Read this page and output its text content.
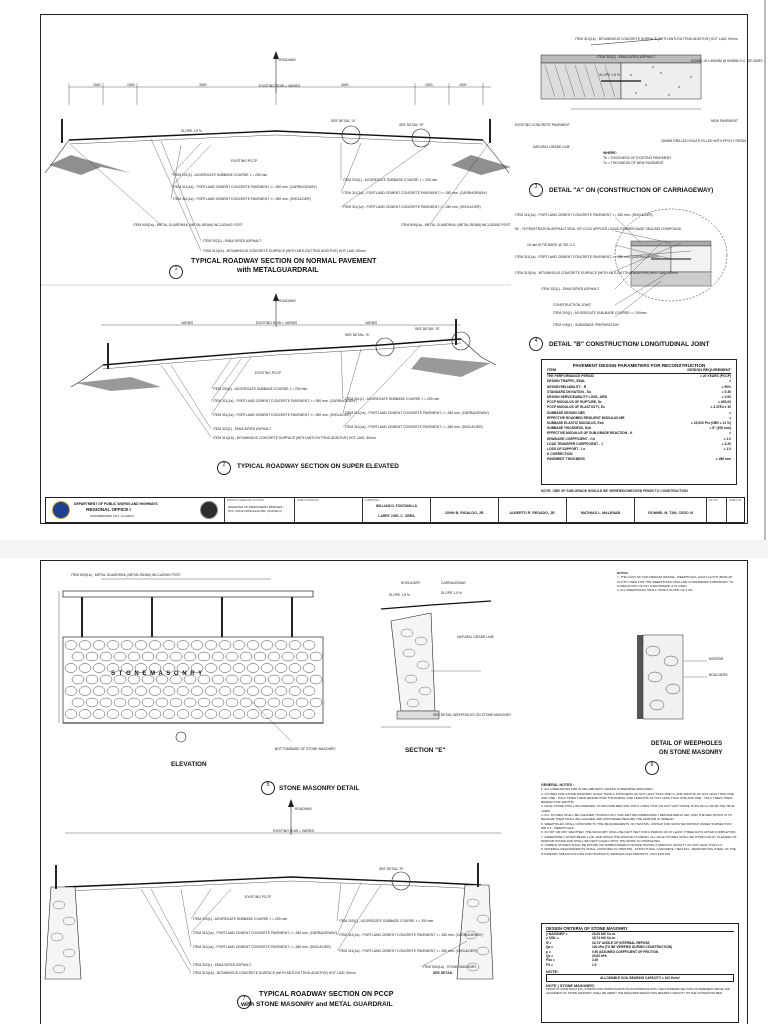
ROADWAY
EXISTING ROW = VARIES
1500	1500	3050	3050	1500	1500
SEE DETAIL "A"
SEE DETAIL "B"
SLOPE 1.5 %
EXISTING PCCP
ITEM 201(1) - AGGREGATE SUBBASE COURSE, t = 200 mm.
ITEM 311(1a) - PORTLAND CEMENT CONCRETE PAVEMENT, t = 280 mm. (CARRIAGEWAY)
ITEM 311(1a) - PORTLAND CEMENT CONCRETE PAVEMENT, t = 280 mm. (SHOULDER)
ITEM 605(1a) - METAL GUARDRAIL (METAL BEAM) INCLUDING POST
ITEM 302(1) - EMULSIFIED ASPHALT
ITEM 310(1b) - BITUMINOUS CONCRETE SURFACE (WITH ANTI-RUTTING ADDITIVE) HOT LAID, 50mm
ITEM 200(1) - AGGREGATE SUBBASE COURSE, t = 200 mm.
ITEM 311(1a) - PORTLAND CEMENT CONCRETE PAVEMENT, t = 280 mm. (CARRIAGEWAY)
ITEM 311(1a) - PORTLAND CEMENT CONCRETE PAVEMENT, t = 280 mm. (SHOULDER)
ITEM 605(1a) - METAL GUARDRAIL (METAL BEAM) INCLUDING POST
1
TYPICAL ROADWAY SECTION ON NORMAL PAVEMENT
with METALGUARDRAIL
ROADWAY
EXISTING ROW = VARIES
VARIES	VARIES
SEE DETAIL "A"
SEE DETAIL "B"
EXISTING PCCP
ITEM 200(1) - AGGREGATE SUBBASE COURSE, t = 200 mm.
ITEM 311(1a) - PORTLAND CEMENT CONCRETE PAVEMENT, t = 280 mm. (CARRIAGEWAY)
ITEM 311(1a) - PORTLAND CEMENT CONCRETE PAVEMENT, t = 280 mm. (SHOULDER)
ITEM 302(1) - EMULSIFIED ASPHALT
ITEM 310(1b) - BITUMINOUS CONCRETE SURFACE (WITH ANTI-RUTTING ADDITIVE) HOT LAID, 50mm
ITEM 201(1) - AGGREGATE SUBBASE COURSE, t = 200 mm.
ITEM 311(1a) - PORTLAND CEMENT CONCRETE PAVEMENT, t = 280 mm. (CARRIAGEWAY)
ITEM 311(1a) - PORTLAND CEMENT CONCRETE PAVEMENT, t = 280 mm. (SHOULDER)
2	TYPICAL ROADWAY SECTION ON SUPER ELEVATED
ITEM 310(1b) - BITUMINOUS CONCRETE SURFACE (WITH ANTI-RUTTING ADDITIVE) HOT LAID, 50mm
ITEM 302(1) - EMULSIFIED ASPHALT
DOWEL Ø x 600MM @ 600MM O.C. TIE BARS
SLOPE 1.5 %
EXISTING CONCRETE PAVEMENT
NEW PAVEMENT
150MM DRILLED HOLES FILLED WITH EPOXY RESIN
NATURAL GRADE LINE
WHERE:
Te = THICKNESS OF EXISTING PAVEMENT
Tn = THICKNESS OF NEW PAVEMENT
3	DETAIL "A" ON (CONSTRUCTION OF CARRIAGEWAY)
ITEM 311(1a) - PORTLAND CEMENT CONCRETE PAVEMENT, t = 280 mm. (SHOULDER)
50 - 75 PENETRATION ASPHALT SEAL OR COLD APPLIED LIQUID RUBBER BASE SEALING COMPOUND
16 mm Ø TIE BARS @ 750 O.C.
ITEM 311(1a) - PORTLAND CEMENT CONCRETE PAVEMENT, t = 280 mm. (CARRIAGEWAY)
ITEM 310(1b) - BITUMINOUS CONCRETE SURFACE (WITH ANTI-RUTTING ADDITIVE) HOT LAID, 50mm
ITEM 302(1) - EMULSIFIED ASPHALT
CONSTRUCTION JOINT
ITEM 200(1) - AGGREGATE SUB-BASE COURSE t = 200mm
ITEM 105(1) - SUBGRADE PREPARATION
4	DETAIL "B" CONSTRUCTION/ LONGITUDINAL JOINT
PAVEMENT DESIGN PARAMETERS FOR RECONSTRUCTION
ITEM	DESIGN REQUIREMENT
THE PERFORMANCE PERIOD	= 20 YEARS (PCCP)
DESIGN TRAFFIC, ESAL	=
DESIGN RELIABILITY - R	= 90%
STANDARD DEVIATION - So	= 0.35
DESIGN SERVICEABILITY LOSS, ΔPSI	= 2.00
PCCP MODULUS OF RUPTURE, Sc	= 650.00
PCCP MODULUS OF ELASTICITY, Ec	= 3.37E4 x 10
SUBBASE DESIGN CBR	=
EFFECTIVE ROADBED RESILIENT MODULUS MR	=
SUBBASE ELASTIC MODULUS, Esb	= 15,000 Psi (CBR = 11 %)
SUBBASE THICKNESS, Dsb	= 8" (200 mm)
EFFECTIVE MODULUS OF SUB-GRADE REACTION - K	=
DRAINAGE COEFFICIENT - Cd	= 1.0
LOAD TRANSFER COEFFICIENT - J	= 3.20
LOSS OF SUPPORT - Ls	= 1.0
K CORRECTION
PAVEMENT THICKNESS	= 280 mm
NOTE: CBR OF SUB-GRADE SHOULD BE VERIFIED/CHECKED PRIOR TO CONSTRUCTION
DEPARTMENT OF PUBLIC WORKS AND HIGHWAYS
REGIONAL OFFICE I
SAN FERNANDO CITY, LA UNION
PROJECT NAME AND LOCATION
WIDENING OF PERMANENT BRIDGES - STA. CRUZ PANGALAN BR. (PHASE II)
SHEET CONTENTS	SUBMITTED
WILLIAM D. FONTANILLA
LARRY JOEL C. OBRA
JOHN B. RIGALDO, JR.	ALBERTO R. REGADO, JR.	MATHIAS L. MALENAB	RONNEL M. TAN, CESO III
SET NO.	SHEET NO.
ITEM 605(1a) - METAL GUARDRAIL (METAL BEAM) INCLUDING POST
S T O N E M A S O N R Y
BOTTOM/BASE OF STONE MASONRY
ELEVATION
STONE MASONRY DETAIL
5
SLOPE 1.5 %	SLOPE 1.5 %
SHOULDER	CARRIAGEWAY
NATURAL GRADE LINE
SEE DETAIL WEEPHOLES ON STONE MASONRY
SECTION "E"

NOTES:

1. THE COST OF FOR MEDIUM GRAVEL, WEEPHOLES, EACH CLOTH (BURLAP CLOTH USED FOR THE WEEPHOLES SHALL BE CONSIDERED SUBSIDIARY TO COMPLETION OF PAY ITEM WHERE IT IS USED.

2. ALL WEEPHOLES SHALL HAVE A SLOPE OF 4.0%.

MORTAR
BOULDERS
DETAIL OF WEEPHOLES
ON STONE MASONRY
6

GENERAL NOTES :

1. ALL DIMENSIONS ARE IN MILLIMETERS UNLESS OTHERWISE SPECIFIED.

2. STONES FOR STONE MASONRY SHALL HAVE A THICKNESS OF NOT LESS THAN 150mm, AND WIDTHS OF NOT LESS THAN ONE AND ONE - HALF TIMES THEIR RESPECTIVE THICKNESS, AND LENGTHS OF NOT LESS THAN ONE AND ONE - HALF TIMES THEIR RESPECTIVE WIDTHS.

3. FACE STONE SHALL BE DRESSED TO PROVIDE BED AND JOINT LINES THAT DO NOT VARY MORE THAN 20mm FROM THE TRUE LINES.

4. ALL STONES SHALL BE CLEANED THOROUGHLY AND WETTED IMMEDIATELY BEFORE BEING SET, AND THE BED WHICH IS TO RECEIVE THEM SHALL BE CLEANED AND MOISTENED BEFORE THE MORTAR IS SPREAD.

5. WEEPHOLES SHALL CONFORM TO THE REQUIREMENTS OF ITEM 505 - RIPRAP AND GROUTED RIPRAP UNDER SUBSECTION 505.3.4 - WEEPHOLES.

6. IN HOT OR DRY WEATHER, THE MASONRY SHALL BE KEPT WET FOR A PERIOD OF AT LEAST THREE DAYS AFTER COMPLETION.

7. IMMEDIATELY AFTER BEING LAID, AND WHILE THE MORTAR IS FRESH, ALL FACE STONES SHALL BE THOROUGHLY CLEANED OF MORTAR STAINS AND SHALL BE KEPT CLEAN UNTIL THE WORK IS COMPLETED.

8. COBBLE STONES SHALL BE ROUND OR SUBROUNDED IN SHAPE HAVING A SPECIFIC GRAVITY OF NOT LESS THAN 2.5.

9. MATERIAL REQUIREMENTS SHALL CONFORM TO ITEM 506 - STRUCTURAL CONCRETE, ITEM 404 - REINFORCING STEEL OF THE STANDARD SPECIFICATIONS FOR HIGHWAYS, BRIDGES AND AIRPORTS, 2013 EDITION.

DESIGN CRITERIA OF STONE MASONRY
γ MASONRY =	23.53 kN/ Cu.m.
γ SOIL =	18.74 kN/ Cu.m.
Φ =	33.74° ANGLE OF INTERNAL REPOSE
Qa =	100 kPa (TO BE VERIFIED DURING CONSTRUCTION)
μ =	0.50 ASSUMED COEFFICIENT OF FRICTION
Qs =	20.62 kPa
FSo =	2.40
FS =	1.5
NOTE:
ALLOWABLE SOIL BEARING CAPACITY = 100 Kn/m²
NOTE ( STONE MASONRY)
PRIOR TO CONSTRUCTION, CONDUCTION INVESTIGATION IN ACCORDANCE WITH THE STANDARD SECTION OF PAVEMENT ABOVE THE ALIGNMENT OF STONE MASONRY SHALL BE VERIFY THE REQUIRED DESIGN SOIL BEARING CAPACITY OF THE FOUNDATION BED.
ROADWAY
EXISTING ROW = VARIES
SEE DETAIL "B"
EXISTING PCCP
ITEM 200(1) - AGGREGATE SUBBASE COURSE, t = 200 mm.
ITEM 311(1a) - PORTLAND CEMENT CONCRETE PAVEMENT, t = 280 mm. (CARRIAGEWAY)
ITEM 311(1a) - PORTLAND CEMENT CONCRETE PAVEMENT, t = 280 mm. (SHOULDER)
ITEM 302(1) - EMULSIFIED ASPHALT
ITEM 310(1b) - BITUMINOUS CONCRETE SURFACE (WITH ANTI-RUTTING ADDITIVE) HOT LAID, 50mm
ITEM 200(1) - AGGREGATE SUBBASE COURSE, t = 200 mm.
ITEM 311(1a) - PORTLAND CEMENT CONCRETE PAVEMENT, t = 280 mm. (CARRIAGEWAY)
ITEM 311(1a) - PORTLAND CEMENT CONCRETE PAVEMENT, t = 280 mm. (SHOULDER)
ITEM 506(1a) - STONE MASONRY
SEE DETAIL
7
TYPICAL ROADWAY SECTION ON PCCP
with STONE MASONRY and METAL GUARDRAIL
